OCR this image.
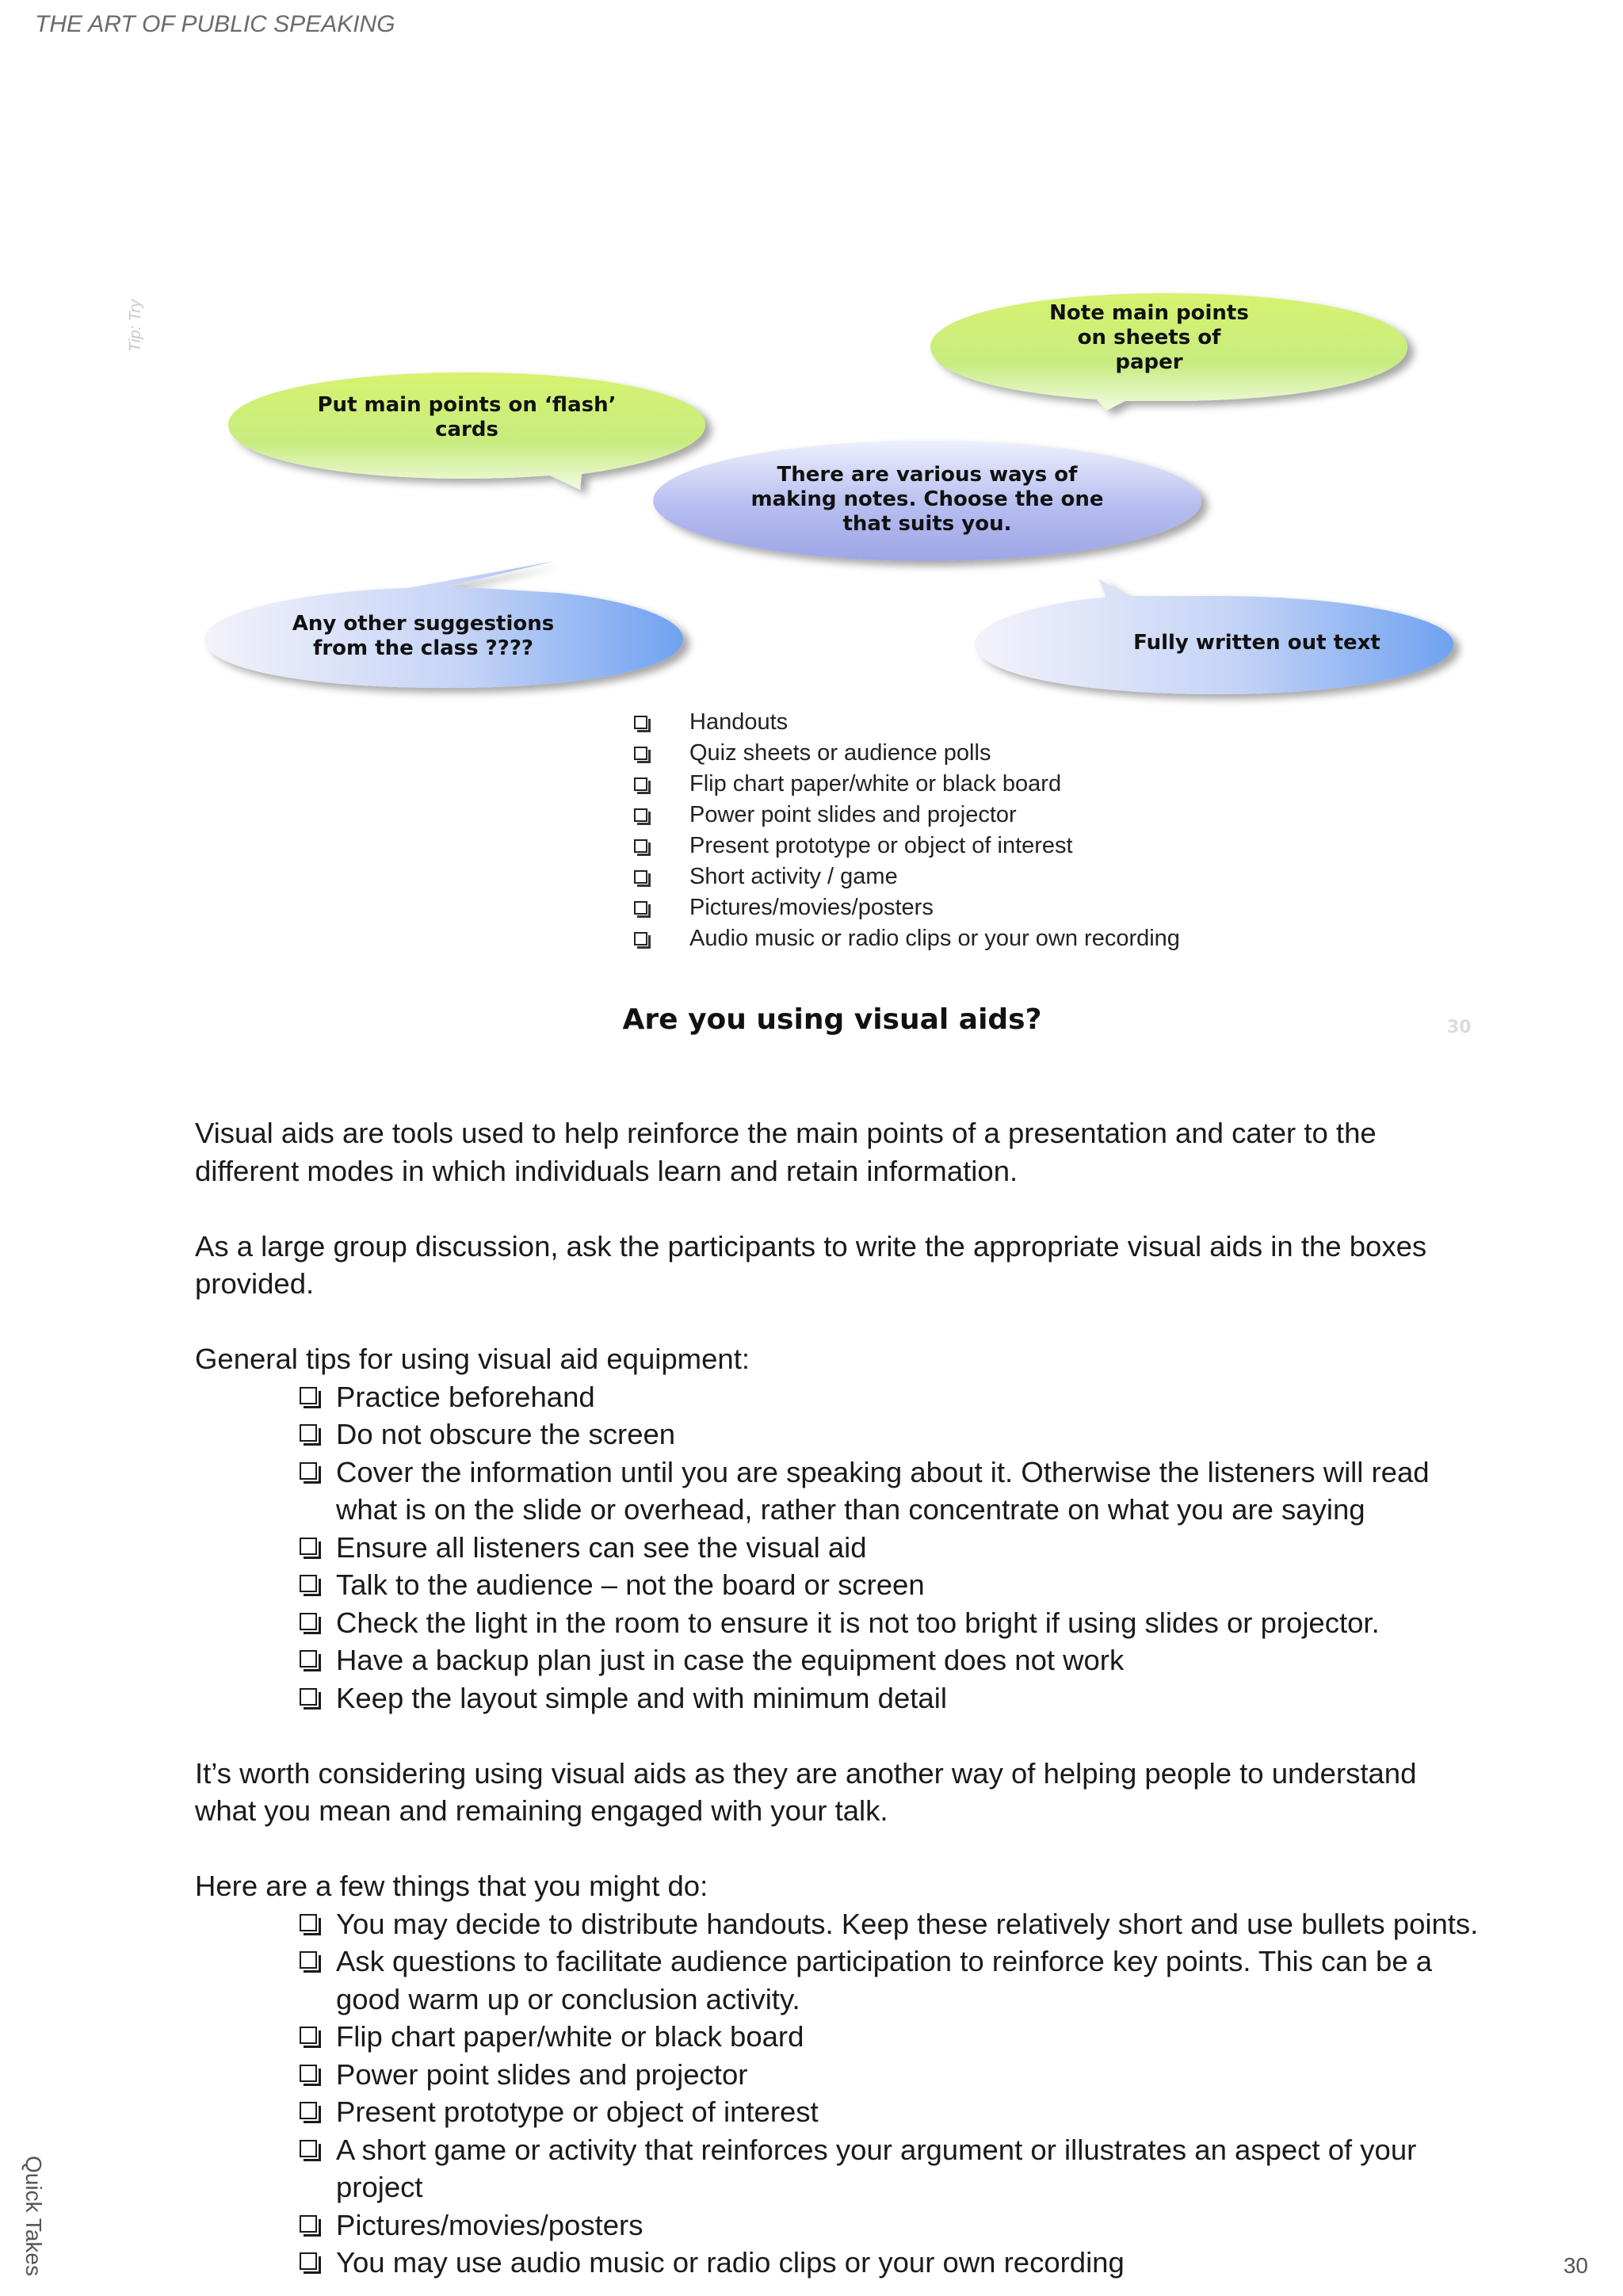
THE ART OF PUBLIC SPEAKING
Tip: Try	Note main points
on sheets of
paper
Put main points on ‘flash’
cards
There are various ways of
making notes. Choose the one
that suits you.
Any other suggestions
from the class ????	Fully written out text
Handouts
Quiz sheets or audience polls
Flip chart paper/white or black board
Power point slides and projector
Present prototype or object of interest
Short activity / game
Pictures/movies/posters
Audio music or radio clips or your own recording
Are you using visual aids?	30

Visual aids are tools used to help reinforce the main points of a presentation and cater to the different modes in which individuals learn and retain information.

As a large group discussion, ask the participants to write the appropriate visual aids in the boxes provided.

General tips for using visual aid equipment:

Practice beforehand
Do not obscure the screen
Cover the information until you are speaking about it. Otherwise the listeners will read what is on the slide or overhead, rather than concentrate on what you are saying
Ensure all listeners can see the visual aid
Talk to the audience – not the board or screen
Check the light in the room to ensure it is not too bright if using slides or projector.
Have a backup plan just in case the equipment does not work
Keep the layout simple and with minimum detail

It’s worth considering using visual aids as they are another way of helping people to understand what you mean and remaining engaged with your talk.

Here are a few things that you might do:

You may decide to distribute handouts. Keep these relatively short and use bullets points.
Ask questions to facilitate audience participation to reinforce key points. This can be a good warm up or conclusion activity.
Flip chart paper/white or black board
Power point slides and projector
Present prototype or object of interest
A short game or activity that reinforces your argument or illustrates an aspect of your project
Pictures/movies/posters
You may use audio music or radio clips or your own recording
Quick Takes	30
